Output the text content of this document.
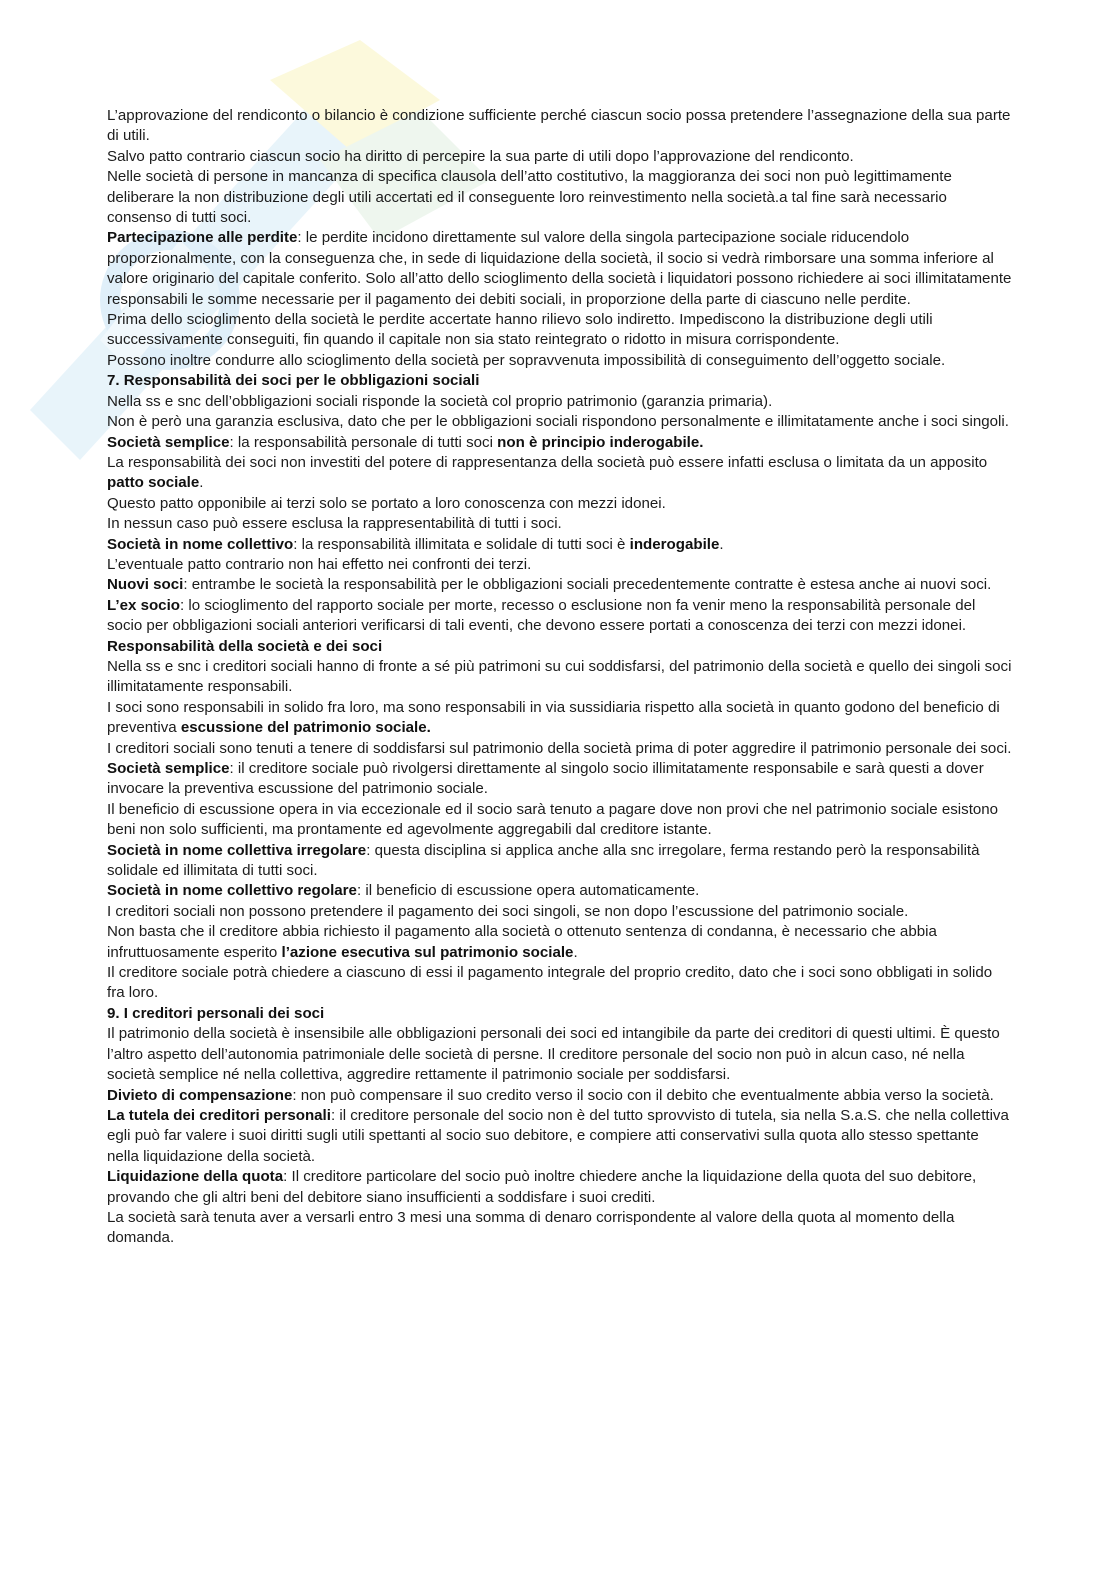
L’approvazione del rendiconto o bilancio è condizione sufficiente perché ciascun socio possa pretendere l’assegnazione della sua parte di utili.

Salvo patto contrario ciascun socio ha diritto di percepire la sua parte di utili dopo l’approvazione del rendiconto.

Nelle società di persone in mancanza di specifica clausola dell’atto costitutivo, la maggioranza dei soci non può legittimamente deliberare la non distribuzione degli utili accertati ed il conseguente loro reinvestimento nella società.a tal fine sarà necessario consenso di tutti soci.

Partecipazione alle perdite: le perdite incidono direttamente sul valore della singola partecipazione sociale riducendolo proporzionalmente, con la conseguenza che, in sede di liquidazione della società, il socio si vedrà rimborsare una somma inferiore al valore originario del capitale conferito. Solo all’atto dello scioglimento della società i liquidatori possono richiedere ai soci illimitatamente responsabili le somme necessarie per il pagamento dei debiti sociali, in proporzione della parte di ciascuno nelle perdite.

Prima dello scioglimento della società le perdite accertate hanno rilievo solo indiretto. Impediscono la distribuzione degli utili successivamente conseguiti, fin quando il capitale non sia stato reintegrato o ridotto in misura corrispondente.

Possono inoltre condurre allo scioglimento della società per sopravvenuta impossibilità di conseguimento dell’oggetto sociale.

7. Responsabilità dei soci per le obbligazioni sociali

Nella ss e snc dell’obbligazioni sociali risponde la società col proprio patrimonio (garanzia primaria).

Non è però una garanzia esclusiva, dato che per le obbligazioni sociali rispondono personalmente e illimitatamente anche i soci singoli.

Società semplice: la responsabilità personale di tutti soci non è principio inderogabile.

La responsabilità dei soci non investiti del potere di rappresentanza della società può essere infatti esclusa o limitata da un apposito patto sociale.

Questo patto opponibile ai terzi solo se portato a loro conoscenza con mezzi idonei.

In nessun caso può essere esclusa la rappresentabilità di tutti i soci.

Società in nome collettivo: la responsabilità illimitata e solidale di tutti soci è inderogabile.

L’eventuale patto contrario non hai effetto nei confronti dei terzi.

Nuovi soci: entrambe le società la responsabilità per le obbligazioni sociali precedentemente contratte è estesa anche ai nuovi soci.

L’ex socio: lo scioglimento del rapporto sociale per morte, recesso o esclusione non fa venir meno la responsabilità personale del socio per obbligazioni sociali anteriori verificarsi di tali eventi, che devono essere portati a conoscenza dei terzi con mezzi idonei.

Responsabilità della società e dei soci

Nella ss e snc i creditori sociali hanno di fronte a sé più patrimoni su cui soddisfarsi, del patrimonio della società e quello dei singoli soci illimitatamente responsabili.

I soci sono responsabili in solido fra loro, ma sono responsabili in via sussidiaria rispetto alla società in quanto godono del beneficio di preventiva escussione del patrimonio sociale.

I creditori sociali sono tenuti a tenere di soddisfarsi sul patrimonio della società prima di poter aggredire il patrimonio personale dei soci.

Società semplice: il creditore sociale può rivolgersi direttamente al singolo socio illimitatamente responsabile e sarà questi a dover invocare la preventiva escussione del patrimonio sociale.

Il beneficio di escussione opera in via eccezionale ed il socio sarà tenuto a pagare dove non provi che nel patrimonio sociale esistono beni non solo sufficienti, ma prontamente ed agevolmente aggregabili dal creditore istante.

Società in nome collettiva irregolare: questa disciplina si applica anche alla snc irregolare, ferma restando però la responsabilità solidale ed illimitata di tutti soci.

Società in nome collettivo regolare: il beneficio di escussione opera automaticamente.

I creditori sociali non possono pretendere il pagamento dei soci singoli, se non dopo l’escussione del patrimonio sociale.

Non basta che il creditore abbia richiesto il pagamento alla società o ottenuto sentenza di condanna, è necessario che abbia infruttuosamente esperito l’azione esecutiva sul patrimonio sociale.

Il creditore sociale potrà chiedere a ciascuno di essi il pagamento integrale del proprio credito, dato che i soci sono obbligati in solido fra loro.

9. I creditori personali dei soci

Il patrimonio della società è insensibile alle obbligazioni personali dei soci ed intangibile da parte dei creditori di questi ultimi. È questo l’altro aspetto dell’autonomia patrimoniale delle società di persne. Il creditore personale del socio non può in alcun caso, né nella società semplice né nella collettiva, aggredire rettamente il patrimonio sociale per soddisfarsi.

Divieto di compensazione: non può compensare il suo credito verso il socio con il debito che eventualmente abbia verso la società.

La tutela dei creditori personali: il creditore personale del socio non è del tutto sprovvisto di tutela, sia nella S.a.S. che nella collettiva egli può far valere i suoi diritti sugli utili spettanti al socio suo debitore, e compiere atti conservativi sulla quota allo stesso spettante nella liquidazione della società.

Liquidazione della quota: Il creditore particolare del socio può inoltre chiedere anche la liquidazione della quota del suo debitore, provando che gli altri beni del debitore siano insufficienti a soddisfare i suoi crediti.

La società sarà tenuta aver a versarli entro 3 mesi una somma di denaro corrispondente al valore della quota al momento della domanda.
